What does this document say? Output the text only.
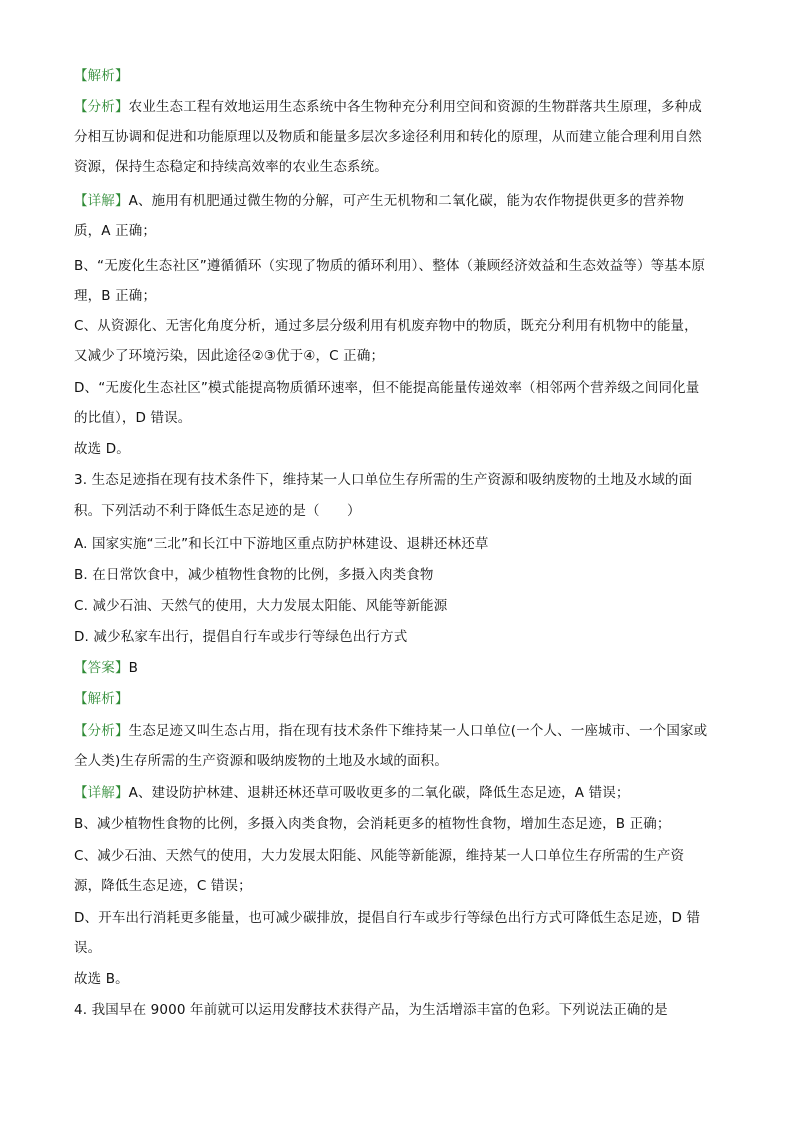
【解析】
【分析】农业生态工程有效地运用生态系统中各生物种充分利用空间和资源的生物群落共生原理，多种成
分相互协调和促进和功能原理以及物质和能量多层次多途径利用和转化的原理，从而建立能合理利用自然
资源，保持生态稳定和持续高效率的农业生态系统。
【详解】A、施用有机肥通过微生物的分解，可产生无机物和二氧化碳，能为农作物提供更多的营养物
质，A 正确；
B、“无废化生态社区”遵循循环（实现了物质的循环利用）、整体（兼顾经济效益和生态效益等）等基本原
理，B 正确；
C、从资源化、无害化角度分析，通过多层分级利用有机废弃物中的物质，既充分利用有机物中的能量，
又减少了环境污染，因此途径②③优于④，C 正确；
D、“无废化生态社区”模式能提高物质循环速率，但不能提高能量传递效率（相邻两个营养级之间同化量
的比值），D 错误。
故选 D。
3. 生态足迹指在现有技术条件下，维持某一人口单位生存所需的生产资源和吸纳废物的土地及水域的面
积。下列活动不利于降低生态足迹的是（　　）
A. 国家实施“三北”和长江中下游地区重点防护林建设、退耕还林还草
B. 在日常饮食中，减少植物性食物的比例，多摄入肉类食物
C. 减少石油、天然气的使用，大力发展太阳能、风能等新能源
D. 减少私家车出行，提倡自行车或步行等绿色出行方式
【答案】B
【解析】
【分析】生态足迹又叫生态占用，指在现有技术条件下维持某一人口单位(一个人、一座城市、一个国家或
全人类)生存所需的生产资源和吸纳废物的土地及水域的面积。
【详解】A、建设防护林建、退耕还林还草可吸收更多的二氧化碳，降低生态足迹，A 错误；
B、减少植物性食物的比例，多摄入肉类食物，会消耗更多的植物性食物，增加生态足迹，B 正确；
C、减少石油、天然气的使用，大力发展太阳能、风能等新能源，维持某一人口单位生存所需的生产资
源，降低生态足迹，C 错误；
D、开车出行消耗更多能量，也可减少碳排放，提倡自行车或步行等绿色出行方式可降低生态足迹，D 错
误。
故选 B。
4. 我国早在 9000 年前就可以运用发酵技术获得产品，为生活增添丰富的色彩。下列说法正确的是
